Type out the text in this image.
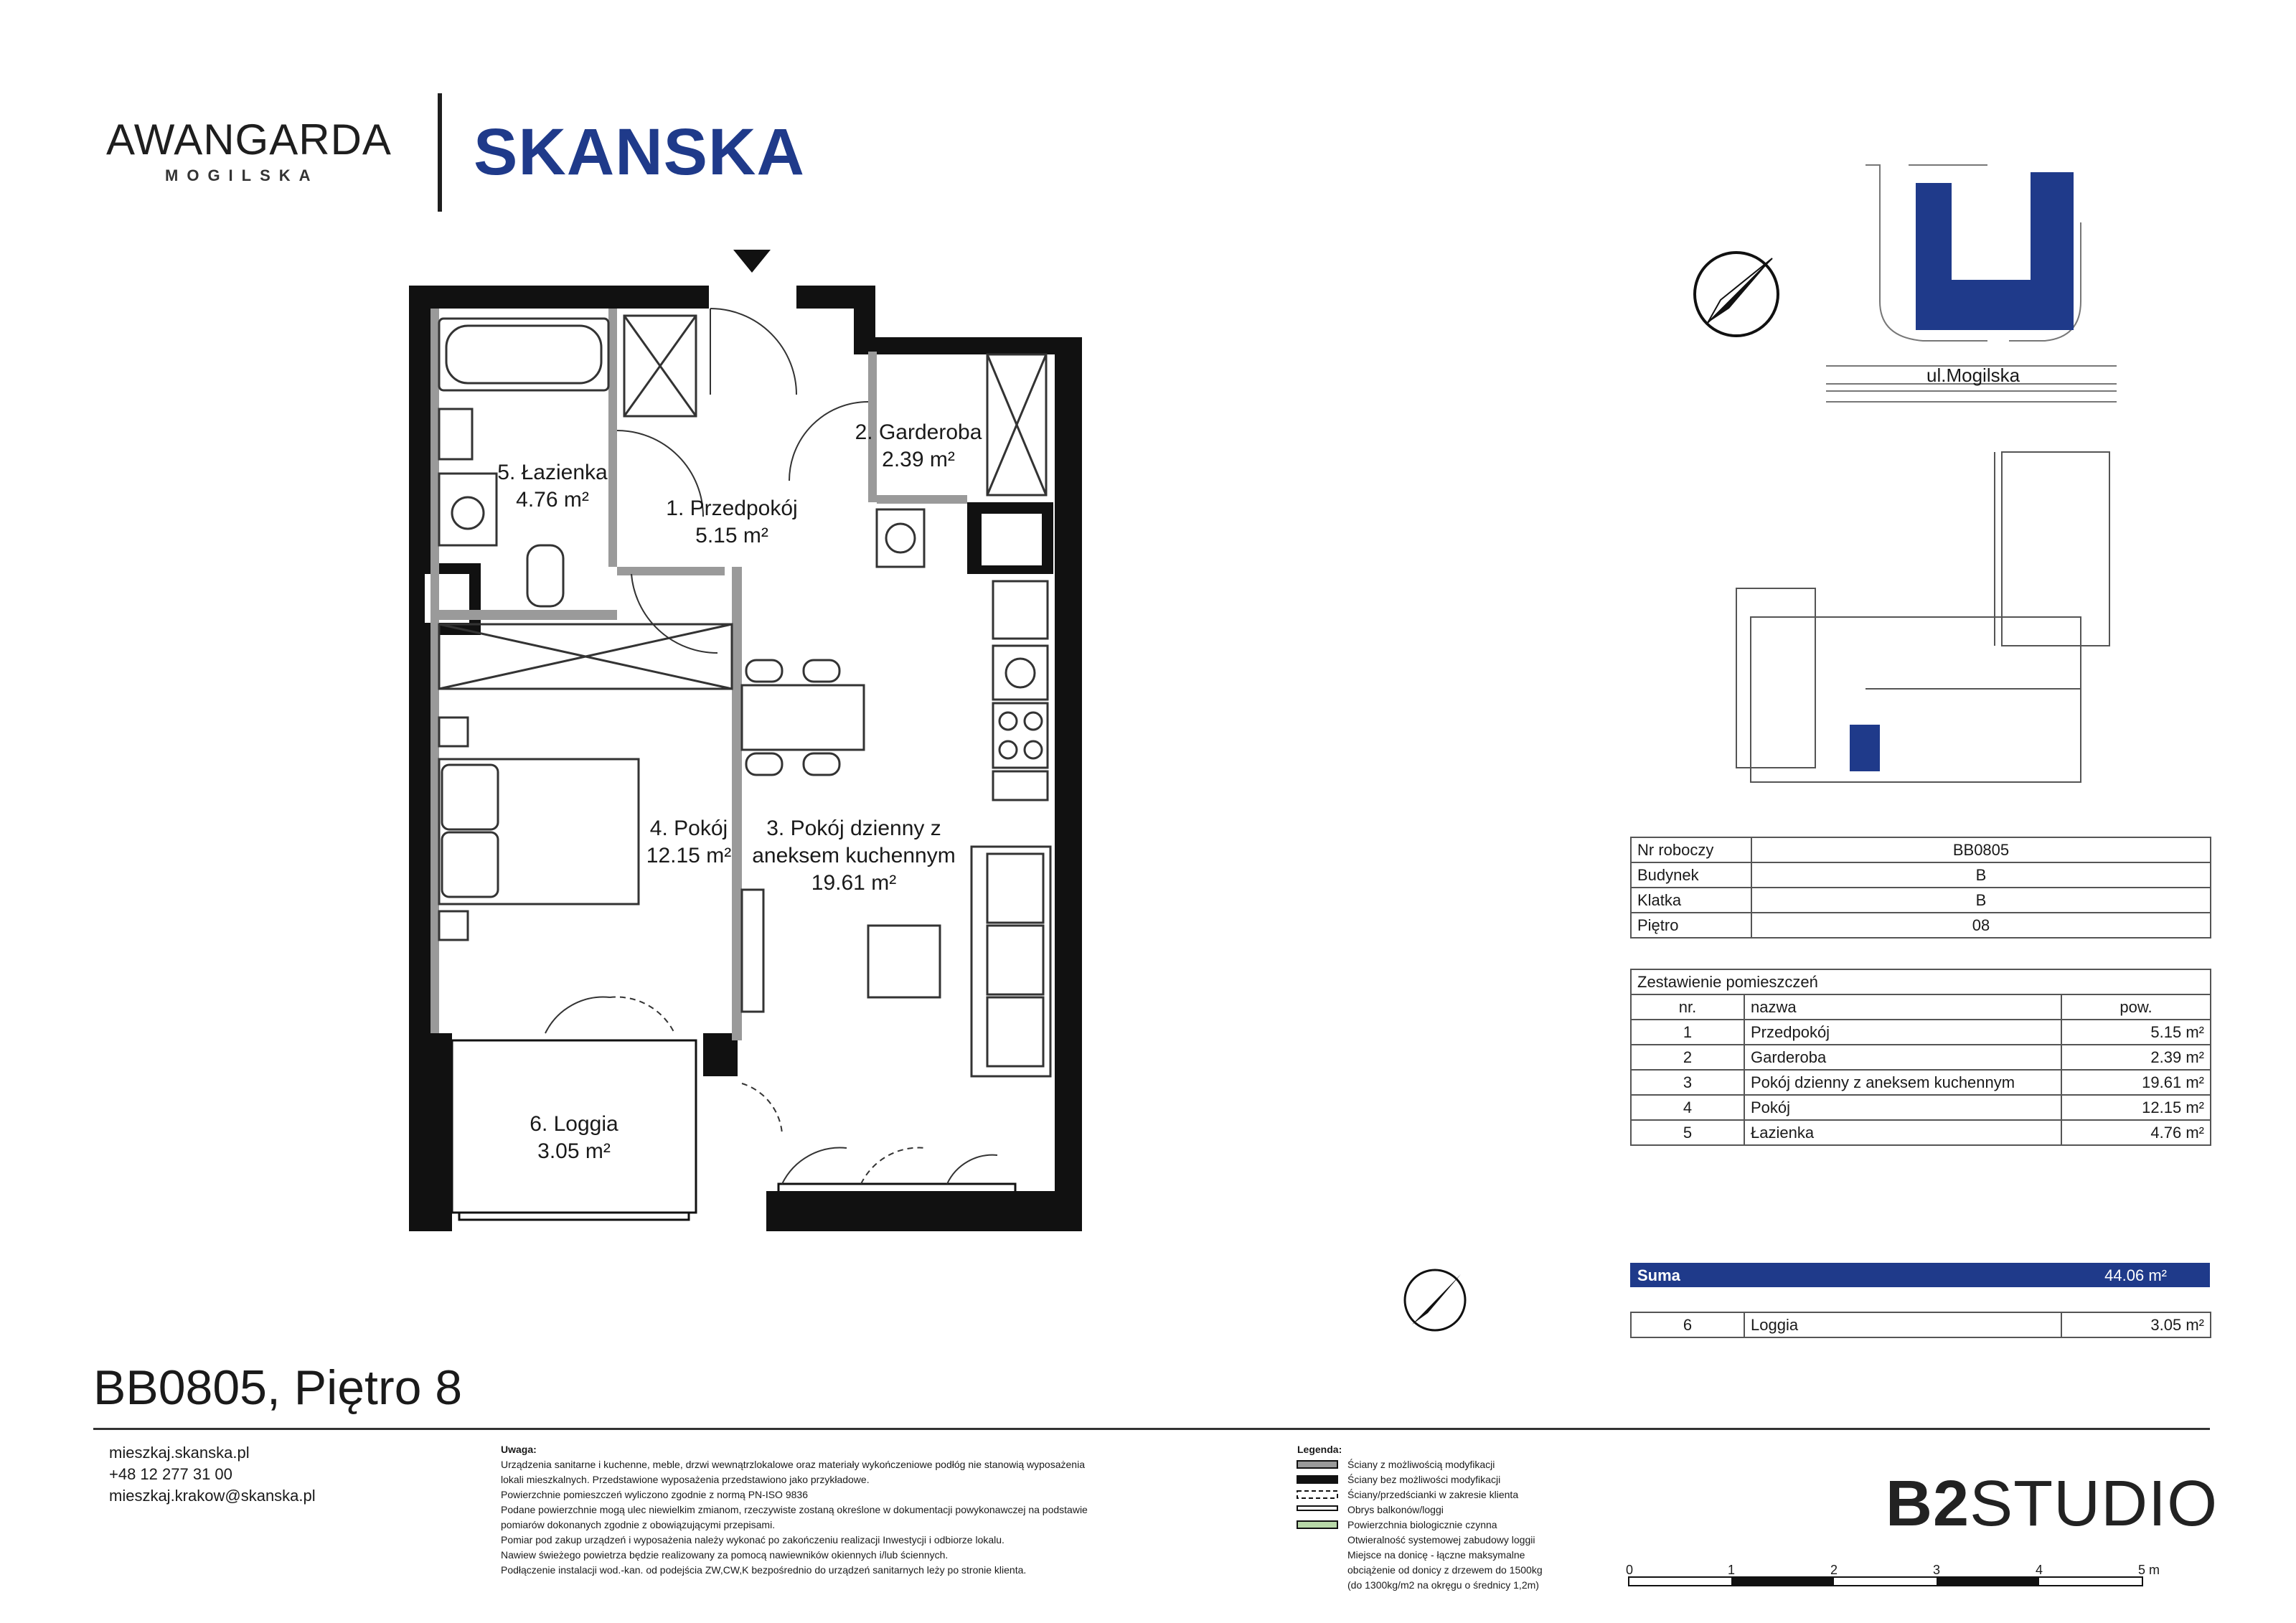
AWANGARDA
MOGILSKA SKANSKA
5. Łazienka
4.76 m²	1. Przedpokój
5.15 m²
2. Garderoba
2.39 m²
4. Pokój
12.15 m²
3. Pokój dzienny z
aneksem kuchennym
19.61 m²
6. Loggia
3.05 m²
ul.Mogilska
BB0805, Piętro 8
Nr roboczy	BB0805
Budynek	B
Klatka	B
Piętro	08
Zestawienie pomieszczeń		
nr.	nazwa	pow.
1	Przedpokój	5.15 m²
2	Garderoba	2.39 m²
3	Pokój dzienny z aneksem kuchennym	19.61 m²
4	Pokój	12.15 m²
5	Łazienka	4.76 m²
Suma	44.06 m²
6	Loggia	3.05 m²
mieszkaj.skanska.pl
+48 12 277 31 00
mieszkaj.krakow@skanska.pl
Uwaga:
Urządzenia sanitarne i kuchenne, meble, drzwi wewnątrzlokalowe oraz materiały wykończeniowe podłóg nie stanowią wyposażenia
lokali mieszkalnych. Przedstawione wyposażenia przedstawiono jako przykładowe.
Powierzchnie pomieszczeń wyliczono zgodnie z normą PN-ISO 9836
Podane powierzchnie mogą ulec niewielkim zmianom, rzeczywiste zostaną określone w dokumentacji powykonawczej na podstawie
pomiarów dokonanych zgodnie z obowiązującymi przepisami.
Pomiar pod zakup urządzeń i wyposażenia należy wykonać po zakończeniu realizacji Inwestycji i odbiorze lokalu.
Nawiew świeżego powietrza będzie realizowany za pomocą nawiewników okiennych i/lub ściennych.
Podłączenie instalacji wod.-kan. od podejścia ZW,CW,K bezpośrednio do urządzeń sanitarnych leży po stronie klienta.
Legenda:
Ściany z możliwością modyfikacji
Ściany bez możliwości modyfikacji
Ściany/przedścianki w zakresie klienta
Obrys balkonów/loggi
Powierzchnia biologicznie czynna
Otwieralność systemowej zabudowy loggii
Miejsce na donicę - łączne maksymalne
obciążenie od donicy z drzewem do 1500kg
(do 1300kg/m2 na okręgu o średnicy 1,2m)
B2STUDIO
0	1	2	3	4	5 m
